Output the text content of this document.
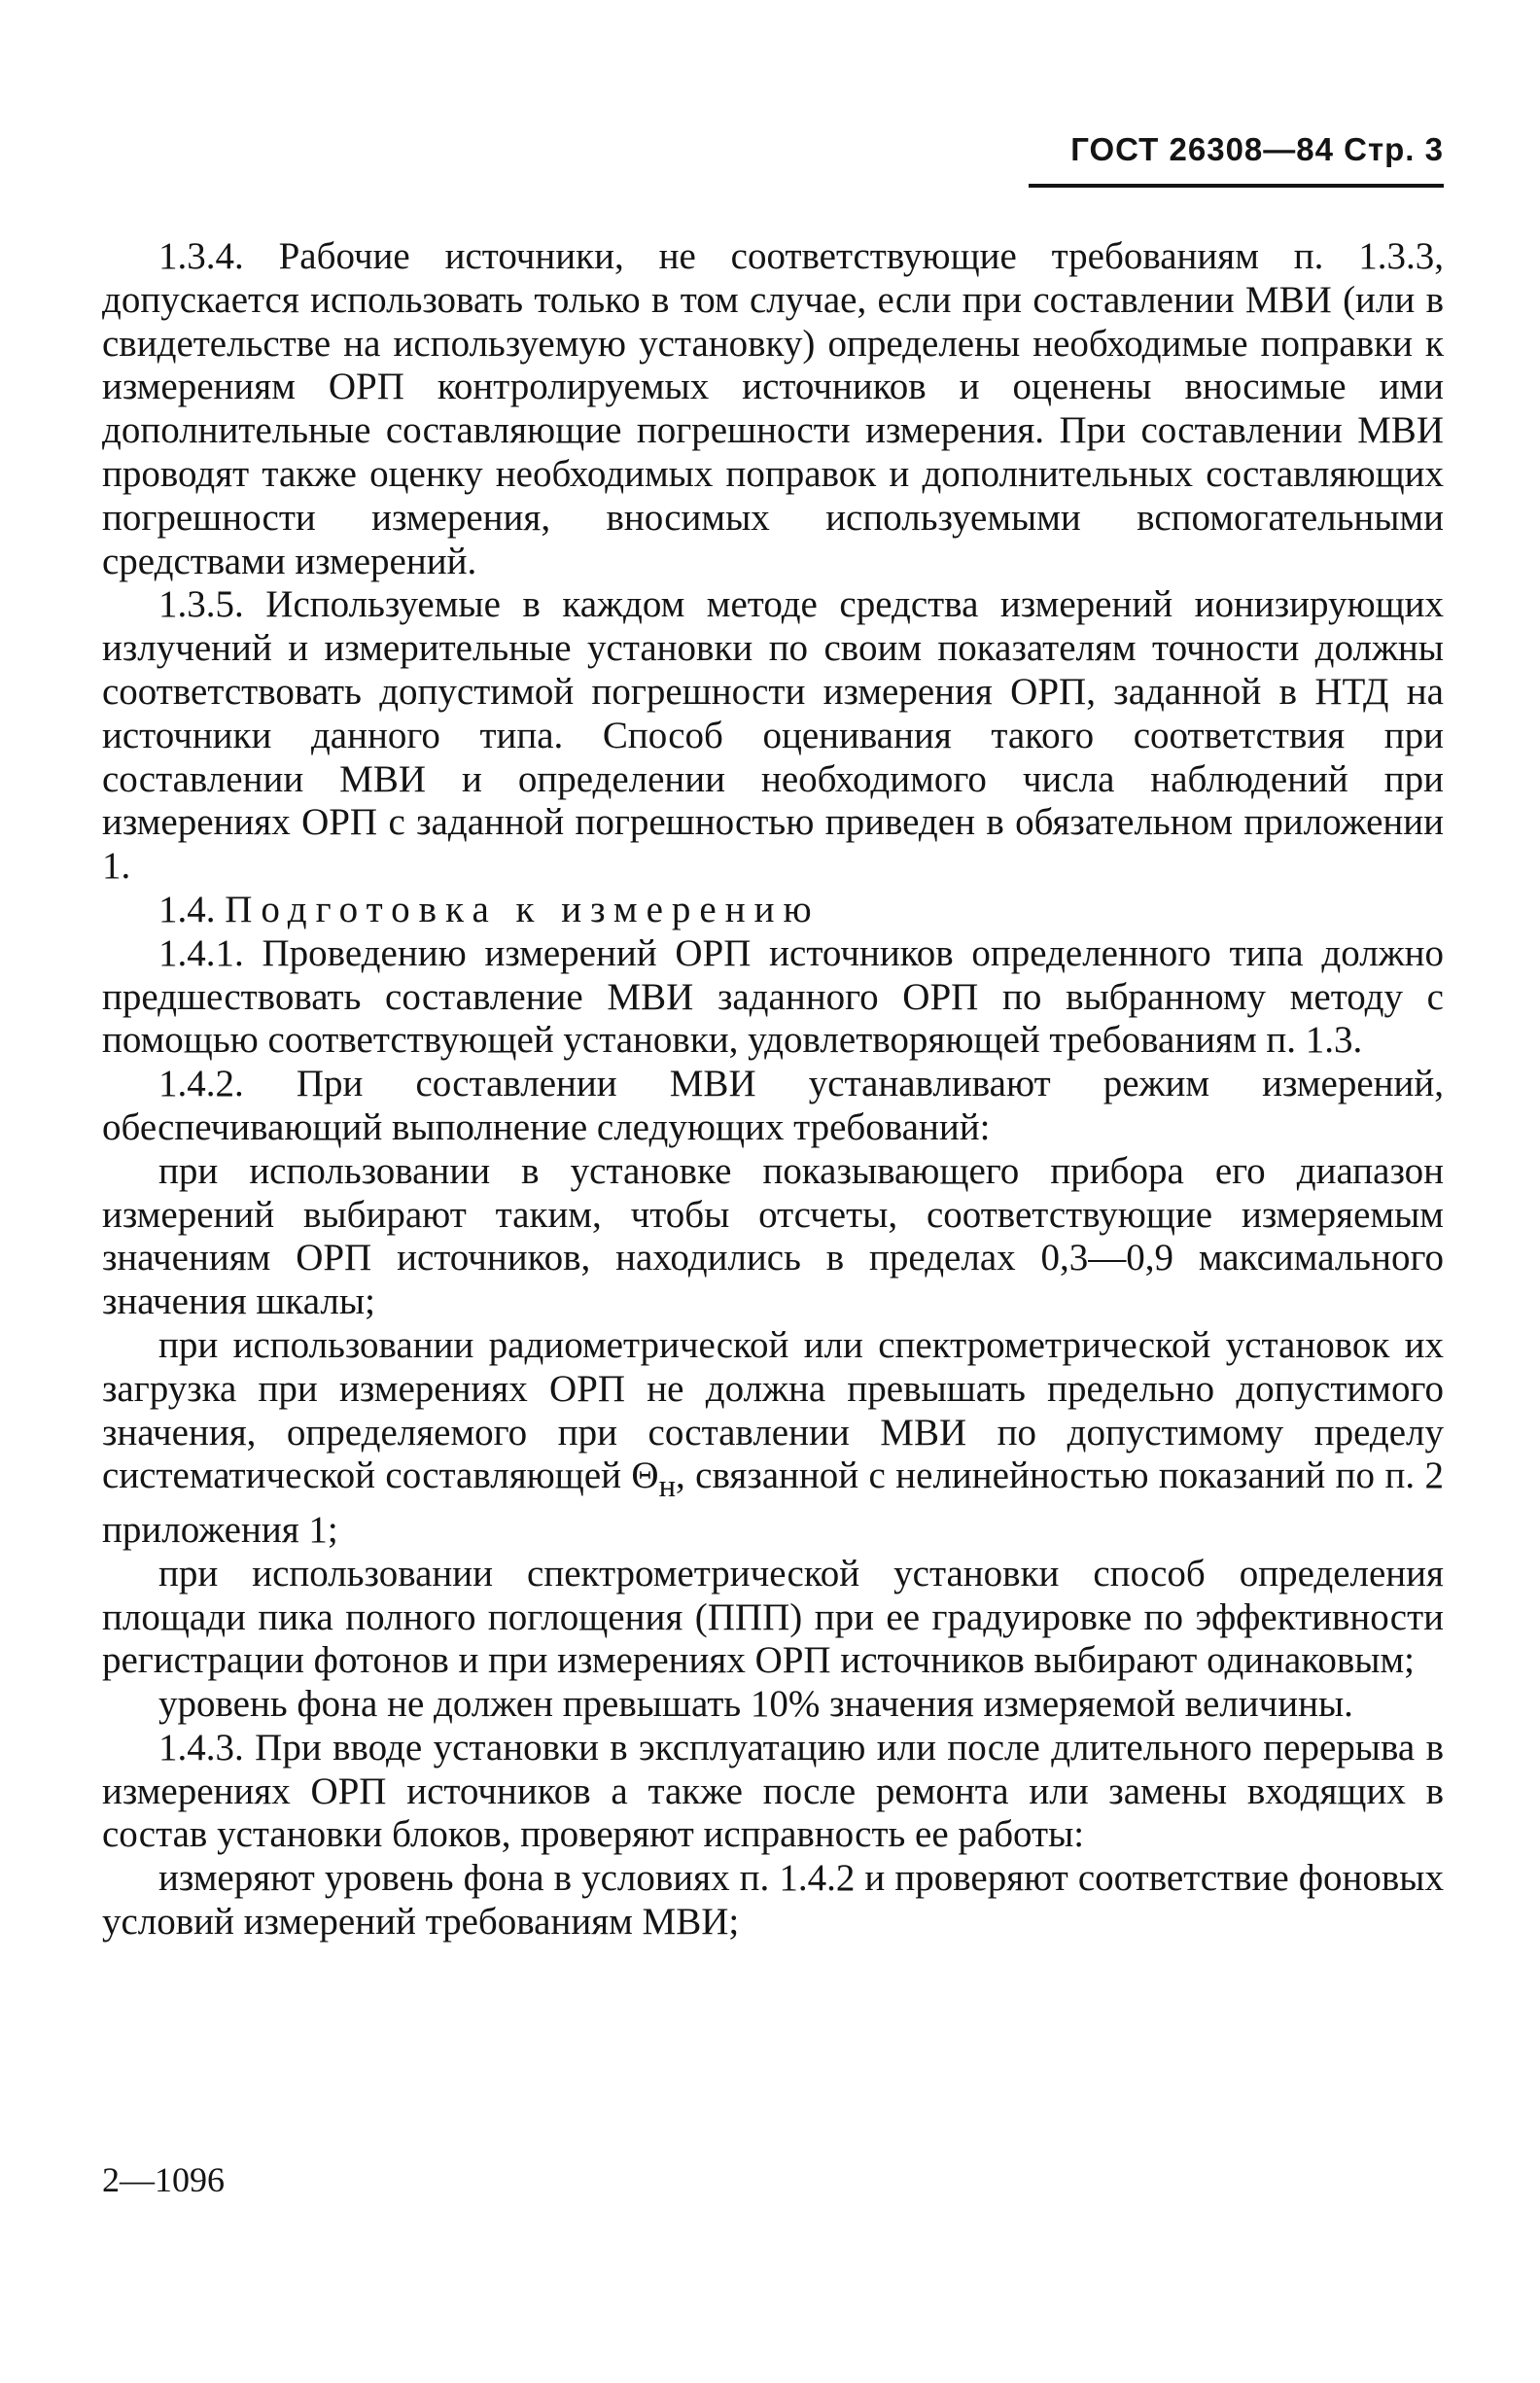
ГОСТ 26308—84 Стр. 3

1.3.4. Рабочие источники, не соответствующие требованиям п. 1.3.3, допускается использовать только в том случае, если при составлении МВИ (или в свидетельстве на используемую установку) определены необходимые поправки к измерениям ОРП контролируемых источников и оценены вносимые ими дополнительные составляющие погрешности измерения. При составлении МВИ проводят также оценку необходимых поправок и дополнительных составляющих погрешности измерения, вносимых используемыми вспомогательными средствами измерений.

1.3.5. Используемые в каждом методе средства измерений ионизирующих излучений и измерительные установки по своим показателям точности должны соответствовать допустимой погрешности измерения ОРП, заданной в НТД на источники данного типа. Способ оценивания такого соответствия при составлении МВИ и определении необходимого числа наблюдений при измерениях ОРП с заданной погрешностью приведен в обязательном приложении 1.

1.4. Подготовка к измерению

1.4.1. Проведению измерений ОРП источников определенного типа должно предшествовать составление МВИ заданного ОРП по выбранному методу с помощью соответствующей установки, удовлетворяющей требованиям п. 1.3.

1.4.2. При составлении МВИ устанавливают режим измерений, обеспечивающий выполнение следующих требований:

при использовании в установке показывающего прибора его диапазон измерений выбирают таким, чтобы отсчеты, соответствующие измеряемым значениям ОРП источников, находились в пределах 0,3—0,9 максимального значения шкалы;

при использовании радиометрической или спектрометрической установок их загрузка при измерениях ОРП не должна превышать предельно допустимого значения, определяемого при составлении МВИ по допустимому пределу систематической составляющей $\Theta_н$, связанной с нелинейностью показаний по п. 2 приложения 1;

при использовании спектрометрической установки способ определения площади пика полного поглощения (ППП) при ее градуировке по эффективности регистрации фотонов и при измерениях ОРП источников выбирают одинаковым;

уровень фона не должен превышать 10% значения измеряемой величины.

1.4.3. При вводе установки в эксплуатацию или после длительного перерыва в измерениях ОРП источников а также после ремонта или замены входящих в состав установки блоков, проверяют исправность ее работы:

измеряют уровень фона в условиях п. 1.4.2 и проверяют соответствие фоновых условий измерений требованиям МВИ;

2—1096
